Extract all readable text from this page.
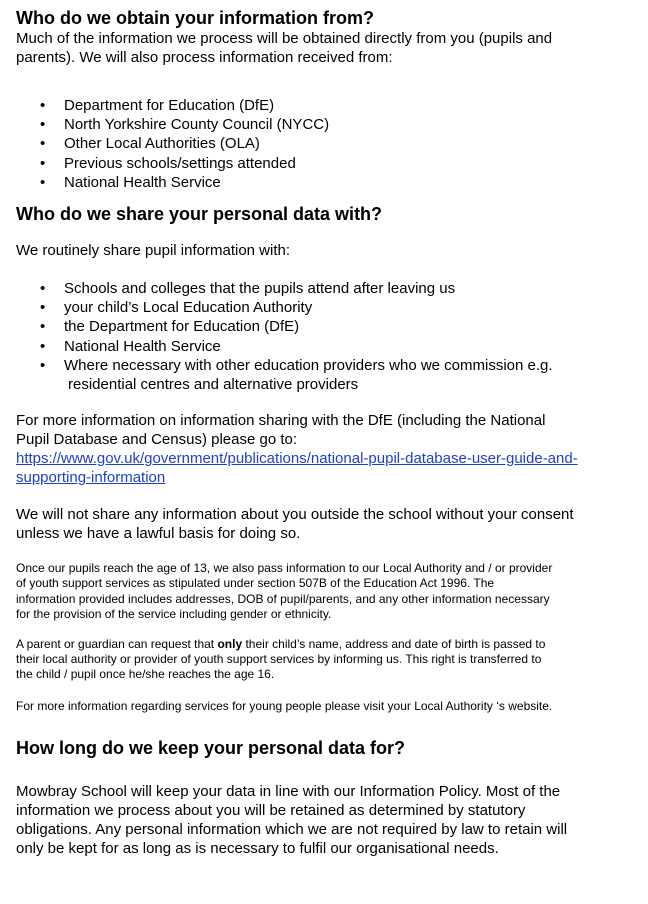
Who do we obtain your information from?

Much of the information we process will be obtained directly from you (pupils and

parents). We will also process information received from:

• Department for Education (DfE)
• North Yorkshire County Council (NYCC)
• Other Local Authorities (OLA)
• Previous schools/settings attended
• National Health Service
Who do we share your personal data with?

We routinely share pupil information with:

• Schools and colleges that the pupils attend after leaving us
• your child’s Local Education Authority
• the Department for Education (DfE)
• National Health Service
• Where necessary with other education providers who we commission e.g.
residential centres and alternative providers

For more information on information sharing with the DfE (including the National

Pupil Database and Census) please go to:

https://www.gov.uk/government/publications/national-pupil-database-user-guide-and-
supporting-information

We will not share any information about you outside the school without your consent

unless we have a lawful basis for doing so.

Once our pupils reach the age of 13, we also pass information to our Local Authority and / or provider

of youth support services as stipulated under section 507B of the Education Act 1996. The

information provided includes addresses, DOB of pupil/parents, and any other information necessary

for the provision of the service including gender or ethnicity.

A parent or guardian can request that only their child’s name, address and date of birth is passed to

their local authority or provider of youth support services by informing us. This right is transferred to

the child / pupil once he/she reaches the age 16.

For more information regarding services for young people please visit your Local Authority ‘s website.

How long do we keep your personal data for?

Mowbray School will keep your data in line with our Information Policy. Most of the

information we process about you will be retained as determined by statutory

obligations. Any personal information which we are not required by law to retain will

only be kept for as long as is necessary to fulfil our organisational needs.
